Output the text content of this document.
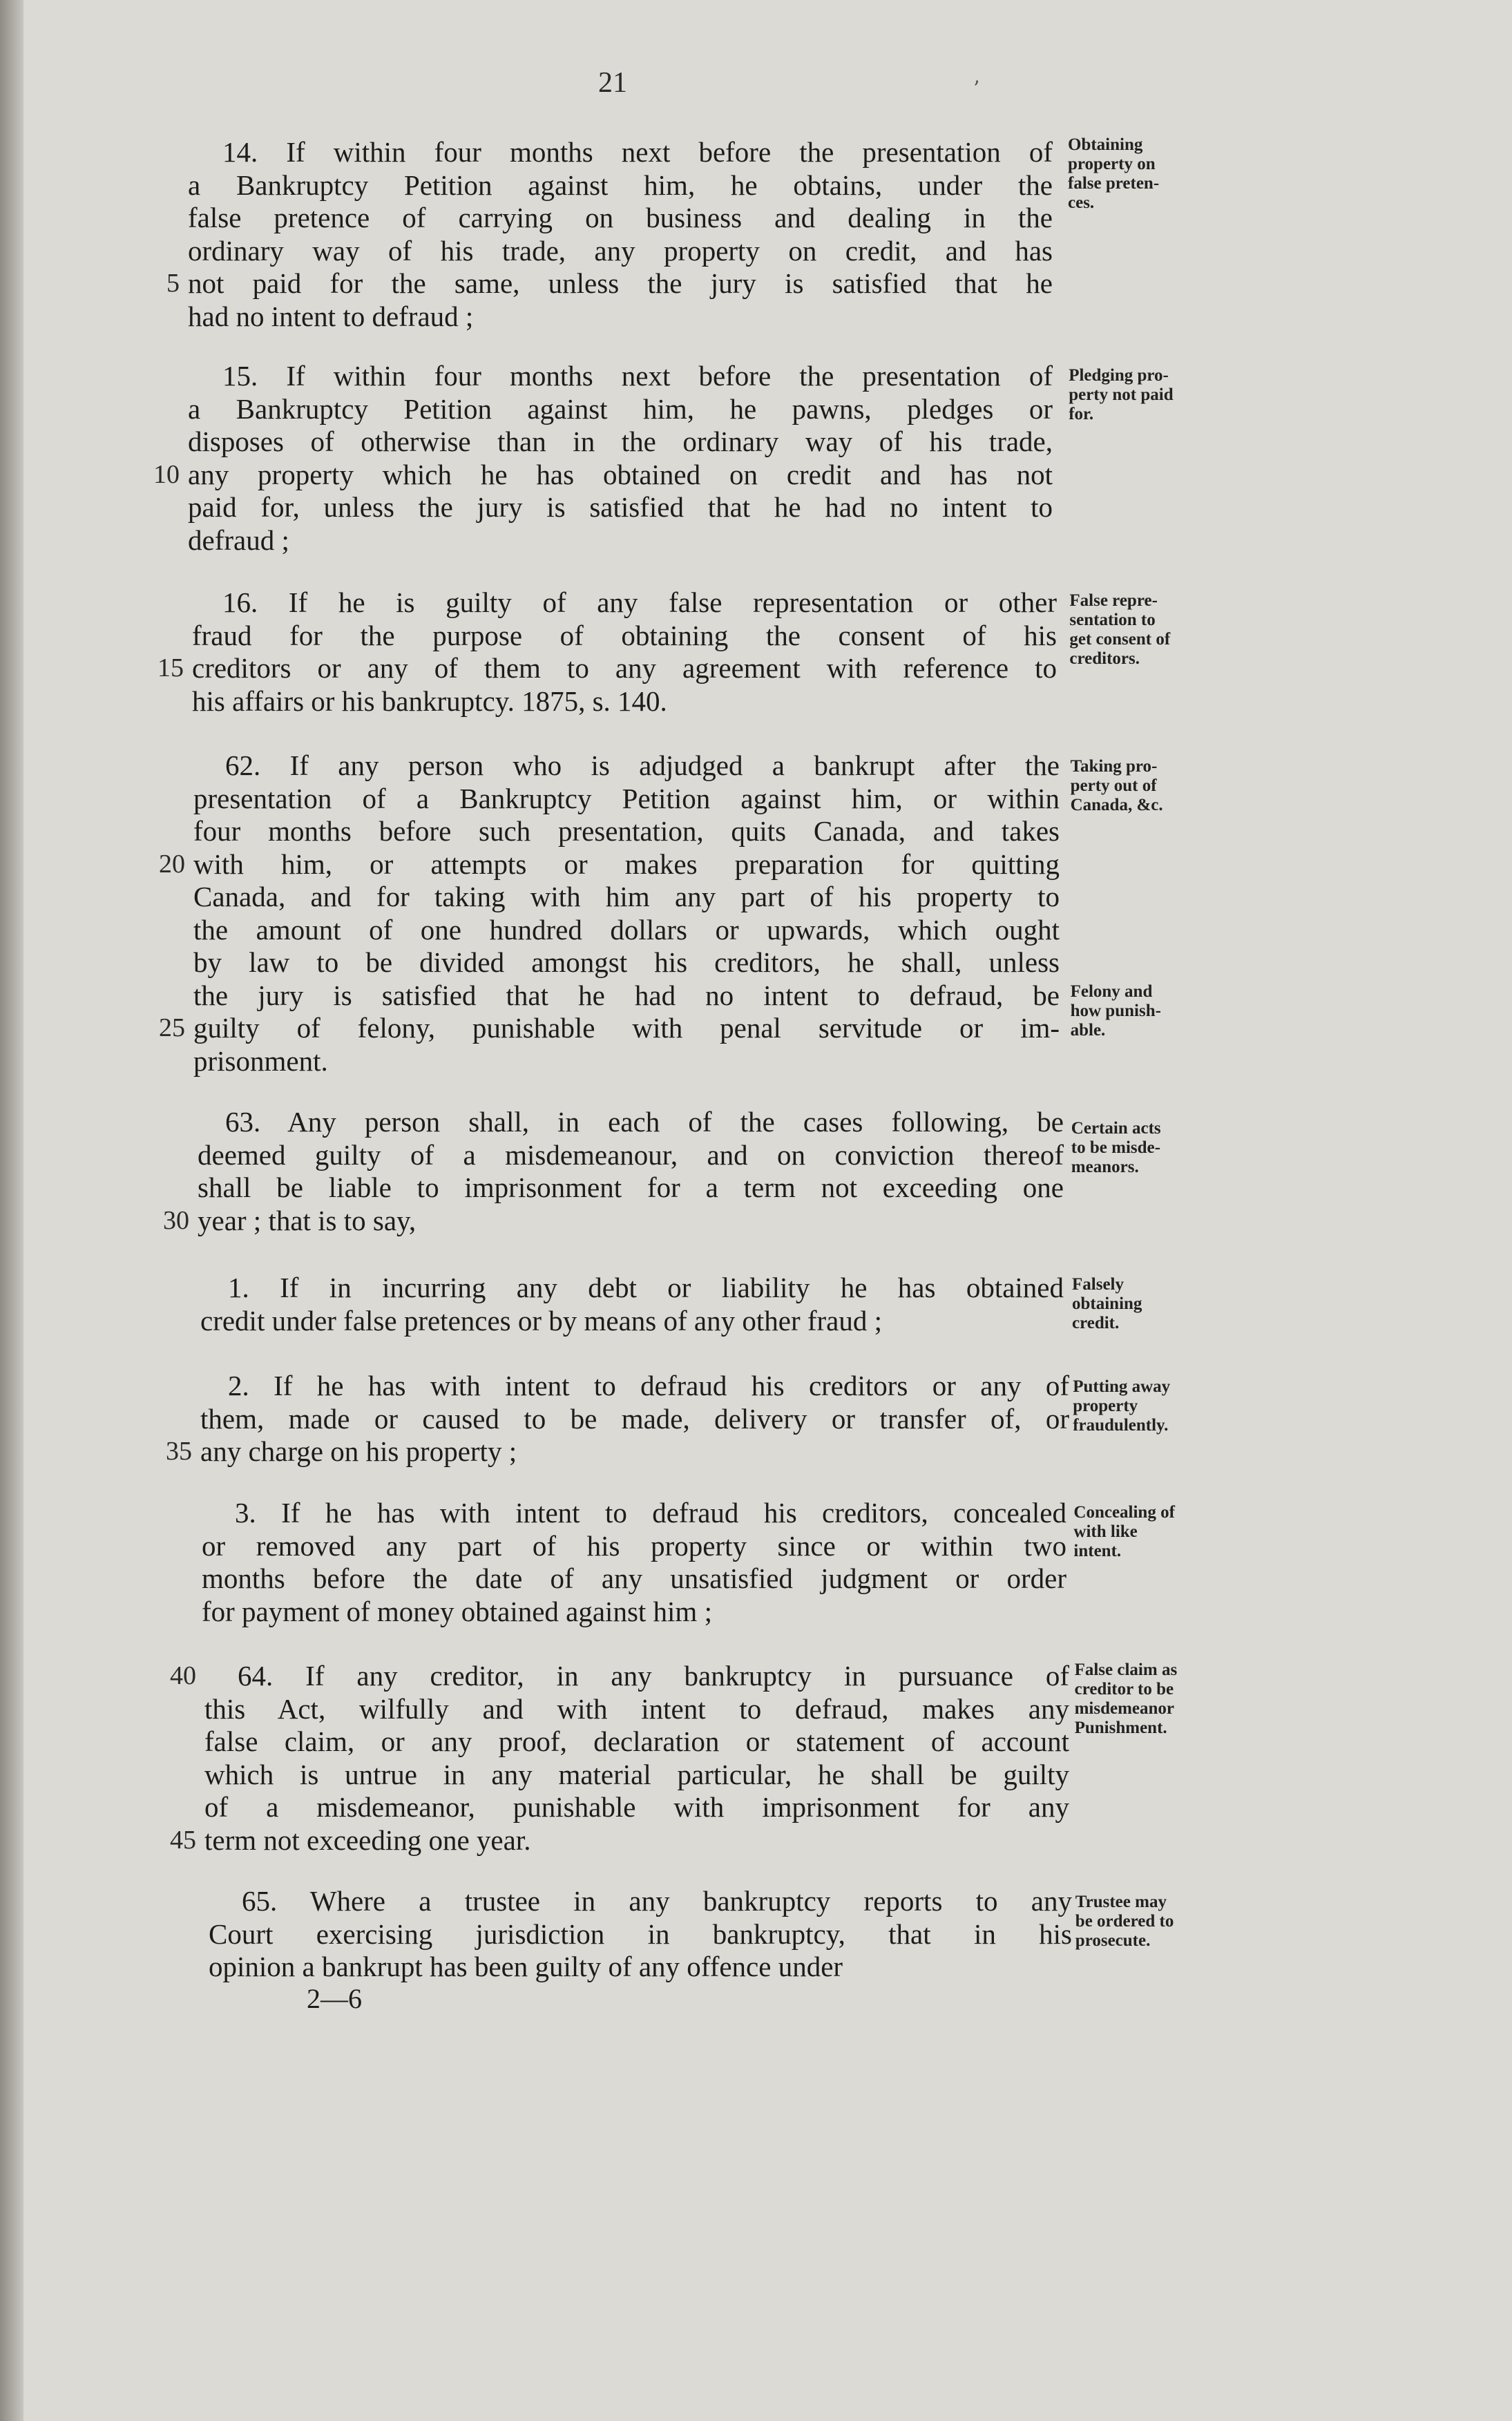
21	ʼ
14. If within four months next before the presentation of
a Bankruptcy Petition against him, he obtains, under the
false pretence of carrying on business and dealing in the
ordinary way of his trade, any property on credit, and has
not paid for the same, unless the jury is satisfied that he
5
had no intent to defraud ;
Obtaining
property on
false preten-
ces.
15. If within four months next before the presentation of
a Bankruptcy Petition against him, he pawns, pledges or
disposes of otherwise than in the ordinary way of his trade,
any property which he has obtained on credit and has not
10
paid for, unless the jury is satisfied that he had no intent to
defraud ;
Pledging pro-
perty not paid
for.
16. If he is guilty of any false representation or other
fraud for the purpose of obtaining the consent of his
creditors or any of them to any agreement with reference to
15
his affairs or his bankruptcy. 1875, s. 140.
False repre-
sentation to
get consent of
creditors.
62. If any person who is adjudged a bankrupt after the
presentation of a Bankruptcy Petition against him, or within
four months before such presentation, quits Canada, and takes
with him, or attempts or makes preparation for quitting
20
Canada, and for taking with him any part of his property to
the amount of one hundred dollars or upwards, which ought
by law to be divided amongst his creditors, he shall, unless
the jury is satisfied that he had no intent to defraud, be
guilty of felony, punishable with penal servitude or im-
25
prisonment.
Taking pro-
perty out of
Canada, &c.
Felony and
how punish-
able.
63. Any person shall, in each of the cases following, be
deemed guilty of a misdemeanour, and on conviction thereof
shall be liable to imprisonment for a term not exceeding one
year ; that is to say,
30
Certain acts
to be misde-
meanors.
1. If in incurring any debt or liability he has obtained
credit under false pretences or by means of any other fraud ;
Falsely
obtaining
credit.
2. If he has with intent to defraud his creditors or any of
them, made or caused to be made, delivery or transfer of, or
any charge on his property ;
35
Putting away
property
fraudulently.
3. If he has with intent to defraud his creditors, concealed
or removed any part of his property since or within two
months before the date of any unsatisfied judgment or order
for payment of money obtained against him ;
Concealing of
with like
intent.
64. If any creditor, in any bankruptcy in pursuance of
40
this Act, wilfully and with intent to defraud, makes any
false claim, or any proof, declaration or statement of account
which is untrue in any material particular, he shall be guilty
of a misdemeanor, punishable with imprisonment for any
term not exceeding one year.
45
False claim as
creditor to be
misdemeanor
Punishment.
65. Where a trustee in any bankruptcy reports to any
Court exercising jurisdiction in bankruptcy, that in his
opinion a bankrupt has been guilty of any offence under
Trustee may
be ordered to
prosecute.
2—6
